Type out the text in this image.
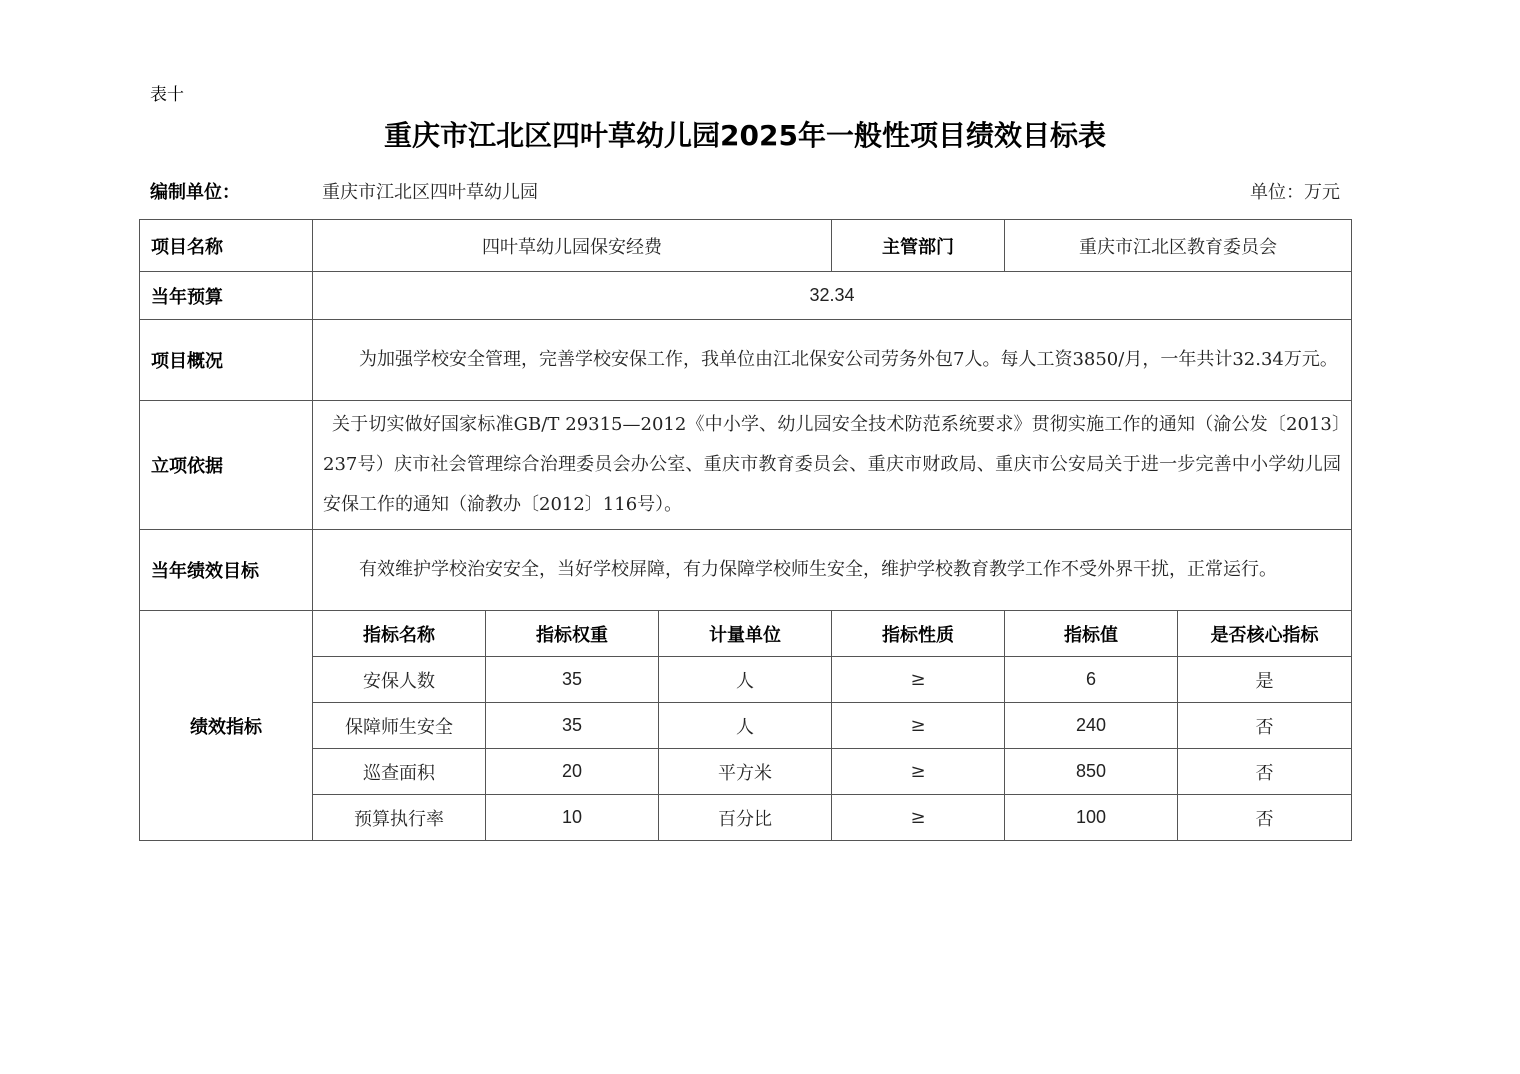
表十
重庆市江北区四叶草幼儿园2025年一般性项目绩效目标表
编制单位：	重庆市江北区四叶草幼儿园	单位：万元
项目名称	四叶草幼儿园保安经费			主管部门	重庆市江北区教育委员会	
当年预算	32.34					
项目概况	为加强学校安全管理，完善学校安保工作，我单位由江北保安公司劳务外包7人。每人工资3850/月，一年共计32.34万元。					
立项依据	关于切实做好国家标准GB/T 29315—2012《中小学、幼儿园安全技术防范系统要求》贯彻实施工作的通知（渝公发〔2013〕237号）庆市社会管理综合治理委员会办公室、重庆市教育委员会、重庆市财政局、重庆市公安局关于进一步完善中小学幼儿园安保工作的通知（渝教办〔2012〕116号）。					
当年绩效目标	有效维护学校治安安全，当好学校屏障，有力保障学校师生安全，维护学校教育教学工作不受外界干扰，正常运行。					
绩效指标	指标名称	指标权重	计量单位	指标性质	指标值	是否核心指标
	安保人数	35	人	≥	6	是
	保障师生安全	35	人	≥	240	否
	巡查面积	20	平方米	≥	850	否
	预算执行率	10	百分比	≥	100	否
